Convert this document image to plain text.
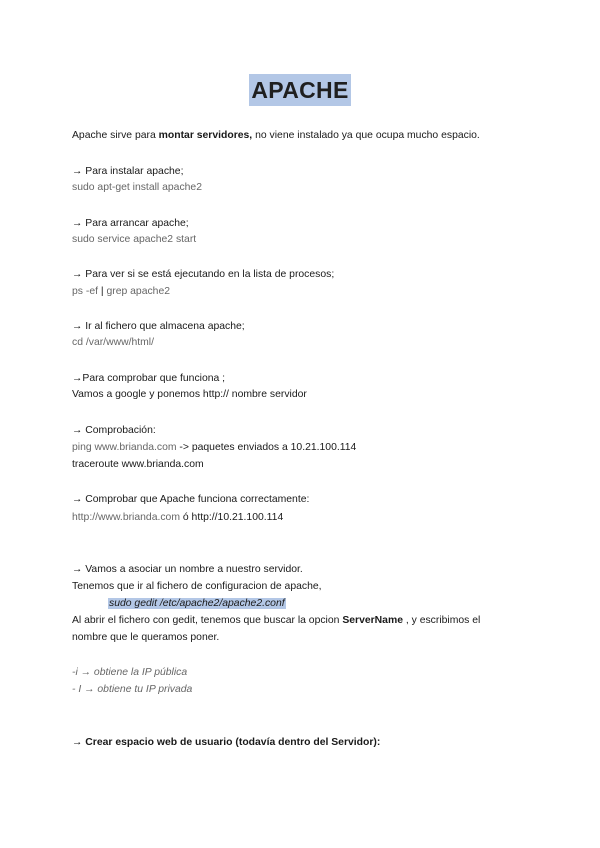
APACHE
Apache sirve para montar servidores, no viene instalado ya que ocupa mucho espacio.
→ Para instalar apache;
sudo apt-get install apache2
→ Para arrancar apache;
sudo service apache2 start
→ Para ver si se está ejecutando en la lista de procesos;
ps -ef | grep apache2
→ Ir al fichero que almacena apache;
cd /var/www/html/
→Para comprobar que funciona ;
Vamos a google y ponemos http:// nombre servidor
→ Comprobación:
ping www.brianda.com -> paquetes enviados a 10.21.100.114
traceroute www.brianda.com
→ Comprobar que Apache funciona correctamente:
http://www.brianda.com ó http://10.21.100.114
→ Vamos a asociar un nombre a nuestro servidor.
Tenemos que ir al fichero de configuracion de apache,
sudo gedit /etc/apache2/apache2.conf
Al abrir el fichero con gedit, tenemos que buscar la opcion ServerName , y escribimos el
nombre que le queramos poner.
-i → obtiene la IP pública
- I → obtiene tu IP privada
→ Crear espacio web de usuario (todavía dentro del Servidor):
